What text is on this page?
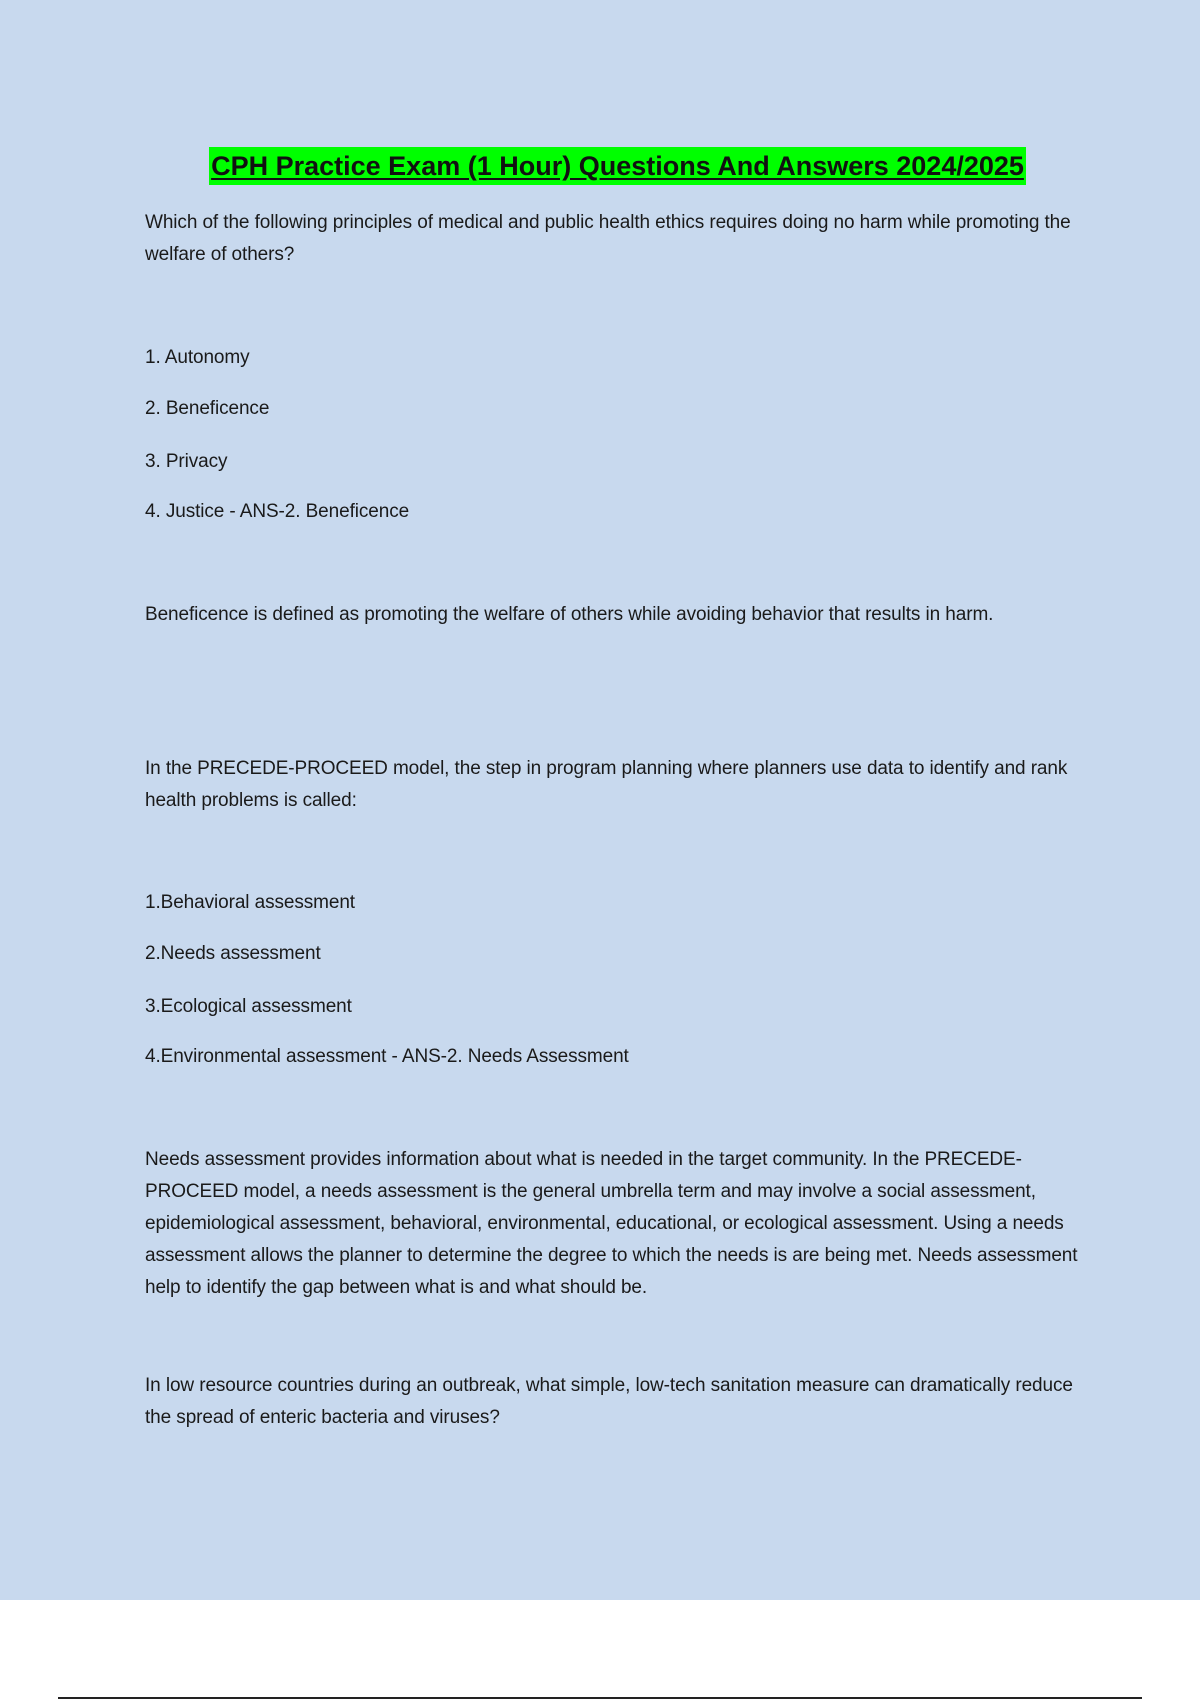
CPH Practice Exam (1 Hour) Questions And Answers 2024/2025

Which of the following principles of medical and public health ethics requires doing no harm while promoting the welfare of others?

1. Autonomy

2. Beneficence

3. Privacy

4. Justice - ANS-2. Beneficence

Beneficence is defined as promoting the welfare of others while avoiding behavior that results in harm.

In the PRECEDE-PROCEED model, the step in program planning where planners use data to identify and rank health problems is called:

1.Behavioral assessment

2.Needs assessment

3.Ecological assessment

4.Environmental assessment - ANS-2. Needs Assessment

Needs assessment provides information about what is needed in the target community. In the PRECEDE-PROCEED model, a needs assessment is the general umbrella term and may involve a social assessment, epidemiological assessment, behavioral, environmental, educational, or ecological assessment. Using a needs assessment allows the planner to determine the degree to which the needs is are being met. Needs assessment help to identify the gap between what is and what should be.

In low resource countries during an outbreak, what simple, low-tech sanitation measure can dramatically reduce the spread of enteric bacteria and viruses?
